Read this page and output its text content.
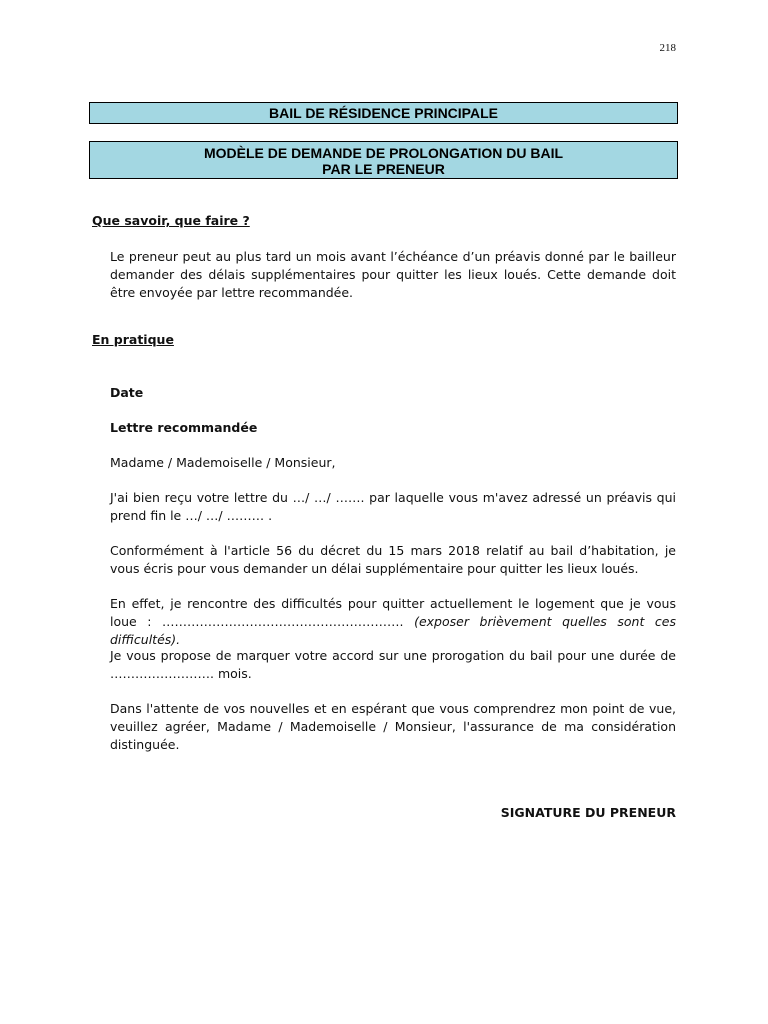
218
BAIL DE RÉSIDENCE PRINCIPALE
MODÈLE DE DEMANDE DE PROLONGATION DU BAIL
PAR LE PRENEUR
Que savoir, que faire ?

Le preneur peut au plus tard un mois avant l’échéance d’un préavis donné par le bailleur demander des délais supplémentaires pour quitter les lieux loués. Cette demande doit être envoyée par lettre recommandée.

En pratique

Date

Lettre recommandée

Madame / Mademoiselle / Monsieur,

J'ai bien reçu votre lettre du …/ …/ ……. par laquelle vous m'avez adressé un préavis qui prend fin le …/ …/ ……… .

Conformément à l'article 56 du décret du 15 mars 2018 relatif au bail d’habitation, je vous écris pour vous demander un délai supplémentaire pour quitter les lieux loués.

En effet, je rencontre des difficultés pour quitter actuellement le logement que je vous loue : …………………………………………………. (exposer brièvement quelles sont ces difficultés).

Je vous propose de marquer votre accord sur une prorogation du bail pour une durée de ……………………. mois.

Dans l'attente de vos nouvelles et en espérant que vous comprendrez mon point de vue, veuillez agréer, Madame / Mademoiselle / Monsieur, l'assurance de ma considération distinguée.

SIGNATURE DU PRENEUR
